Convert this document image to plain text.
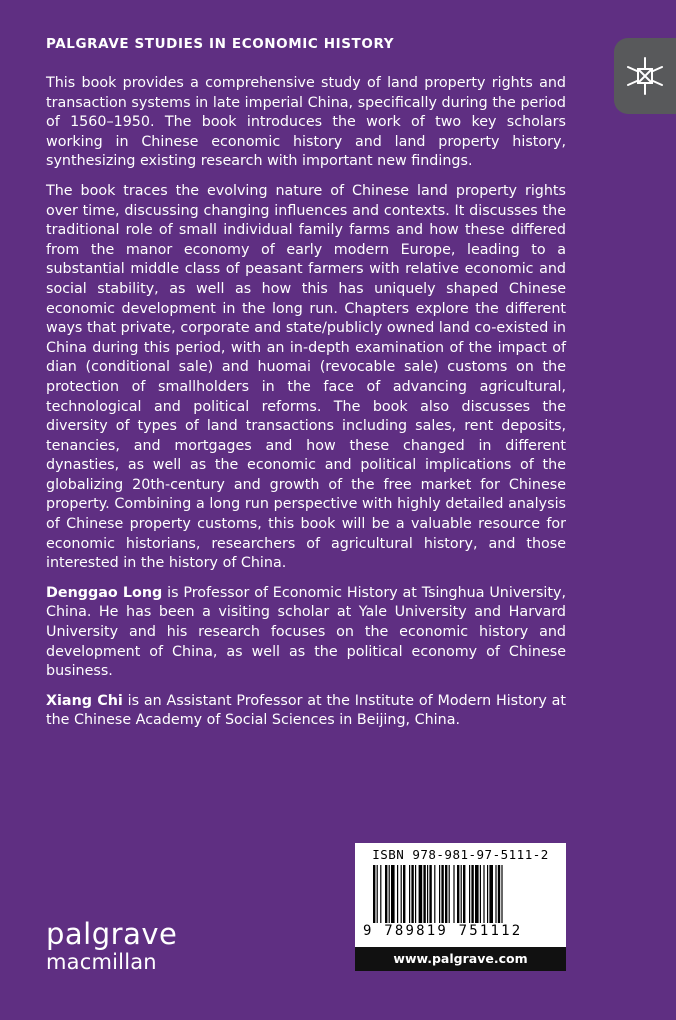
PALGRAVE STUDIES IN ECONOMIC HISTORY

This book provides a comprehensive study of land property rights and transaction systems in late imperial China, specifically during the period of 1560–1950. The book introduces the work of two key scholars working in Chinese economic history and land property history, synthesizing existing research with important new findings.

The book traces the evolving nature of Chinese land property rights over time, discussing changing influences and contexts. It discusses the traditional role of small individual family farms and how these differed from the manor economy of early modern Europe, leading to a substantial middle class of peasant farmers with relative economic and social stability, as well as how this has uniquely shaped Chinese economic development in the long run. Chapters explore the different ways that private, corporate and state/publicly owned land co-existed in China during this period, with an in-depth examination of the impact of dian (conditional sale) and huomai (revocable sale) customs on the protection of smallholders in the face of advancing agricultural, technological and political reforms. The book also discusses the diversity of types of land transactions including sales, rent deposits, tenancies, and mortgages and how these changed in different dynasties, as well as the economic and political implications of the globalizing 20th-century and growth of the free market for Chinese property. Combining a long run perspective with highly detailed analysis of Chinese property customs, this book will be a valuable resource for economic historians, researchers of agricultural history, and those interested in the history of China.

Denggao Long is Professor of Economic History at Tsinghua University, China. He has been a visiting scholar at Yale University and Harvard University and his research focuses on the economic history and development of China, as well as the political economy of Chinese business.

Xiang Chi is an Assistant Professor at the Institute of Modern History at the Chinese Academy of Social Sciences in Beijing, China.

palgrave
macmillan
ISBN 978-981-97-5111-2
9 789819 751112
www.palgrave.com
